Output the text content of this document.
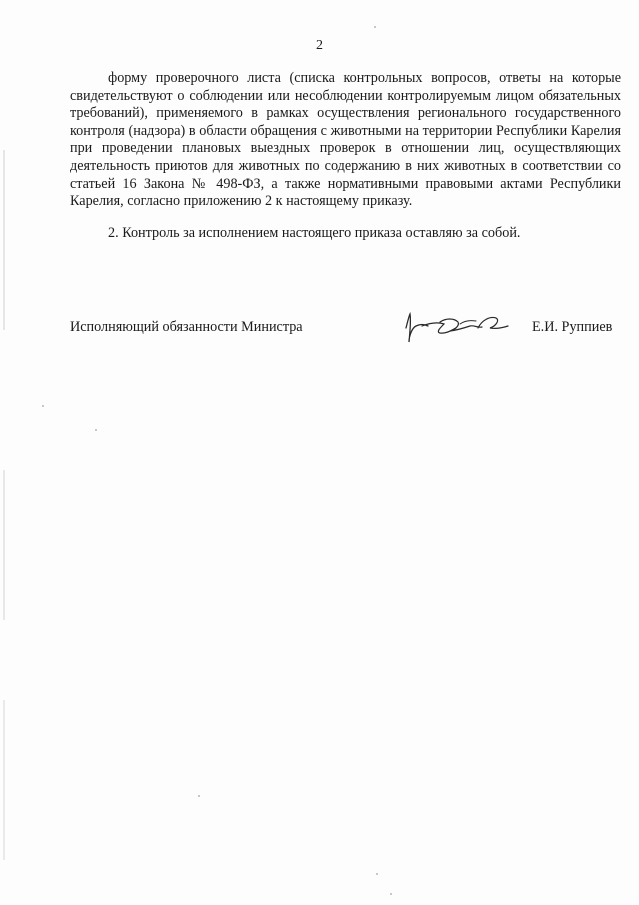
2
форму проверочного листа (списка контрольных вопросов, ответы на которые свидетельствуют о соблюдении или несоблюдении контролируемым лицом обязательных требований), применяемого в рамках осуществления регионального государственного контроля (надзора) в области обращения с животными на территории Республики Карелия при проведении плановых выездных проверок в отношении лиц, осуществляющих деятельность приютов для животных по содержанию в них животных в соответствии со статьей 16 Закона № 498-ФЗ, а также нормативными правовыми актами Республики Карелия, согласно приложению 2 к настоящему приказу.
2. Контроль за исполнением настоящего приказа оставляю за собой.
Исполняющий обязанности Министра	Е.И. Руппиев
